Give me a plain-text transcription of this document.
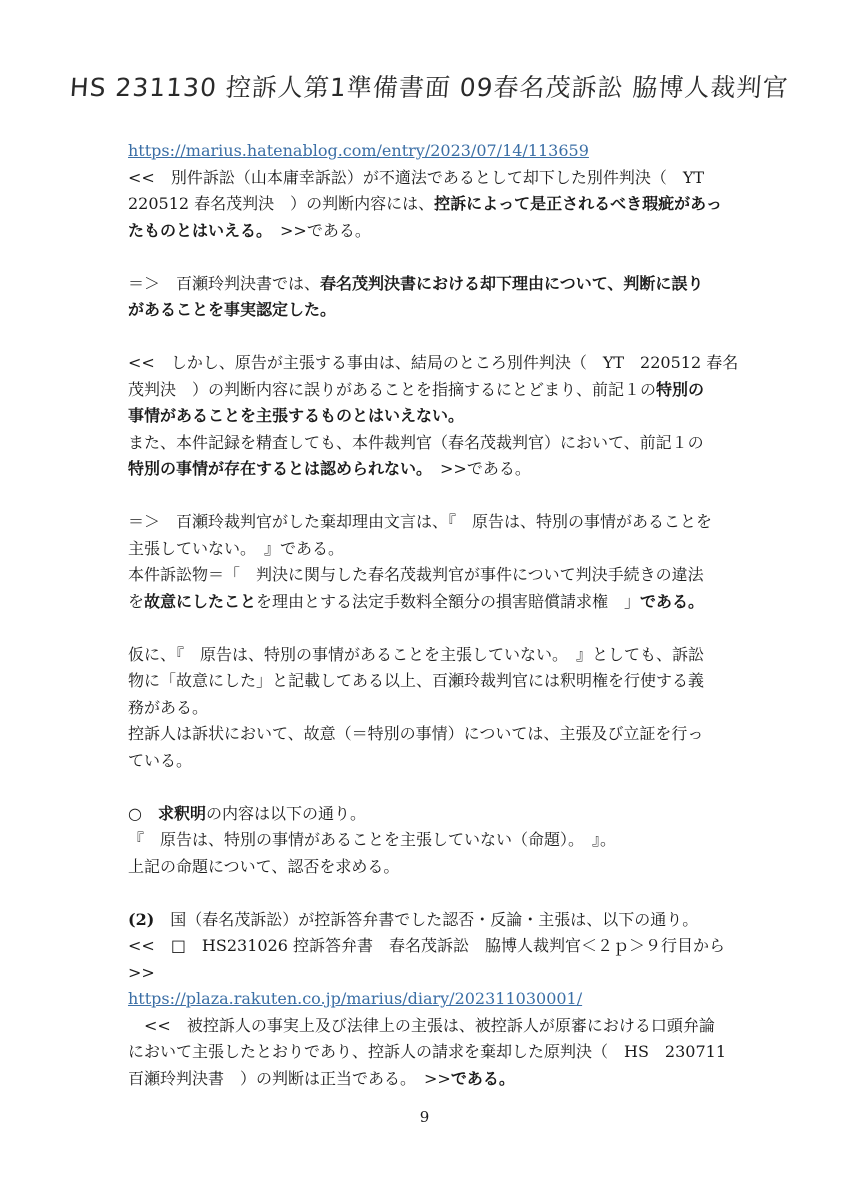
HS 231130 控訴人第1準備書面 09春名茂訴訟 脇博人裁判官
https://marius.hatenablog.com/entry/2023/07/14/113659
<<　別件訴訟（山本庸幸訴訟）が不適法であるとして却下した別件判決（　YT
220512 春名茂判決　）の判断内容には、控訴によって是正されるべき瑕疵があっ
たものとはいえる。　>>である。
＝＞　百瀬玲判決書では、春名茂判決書における却下理由について、判断に誤り
があることを事実認定した。
<<　しかし、原告が主張する事由は、結局のところ別件判決（　YT　220512 春名
茂判決　）の判断内容に誤りがあることを指摘するにとどまり、前記１の特別の
事情があることを主張するものとはいえない。
また、本件記録を精査しても、本件裁判官（春名茂裁判官）において、前記１の
特別の事情が存在するとは認められない。　>>である。
＝＞　百瀬玲裁判官がした棄却理由文言は、『　原告は、特別の事情があることを
主張していない。　』である。
本件訴訟物＝「　判決に関与した春名茂裁判官が事件について判決手続きの違法
を故意にしたことを理由とする法定手数料全額分の損害賠償請求権　」である。
仮に、『　原告は、特別の事情があることを主張していない。　』としても、訴訟
物に「故意にした」と記載してある以上、百瀬玲裁判官には釈明権を行使する義
務がある。
控訴人は訴状において、故意（＝特別の事情）については、主張及び立証を行っ
ている。
○　求釈明の内容は以下の通り。
『　原告は、特別の事情があることを主張していない（命題）。　』。
上記の命題について、認否を求める。
(2)　国（春名茂訴訟）が控訴答弁書でした認否・反論・主張は、以下の通り。
<<　□　HS231026 控訴答弁書　春名茂訴訟　脇博人裁判官＜２ｐ＞９行目から
>>
https://plaza.rakuten.co.jp/marius/diary/202311030001/
　<<　被控訴人の事実上及び法律上の主張は、被控訴人が原審における口頭弁論
において主張したとおりであり、控訴人の請求を棄却した原判決（　HS　230711
百瀬玲判決書　）の判断は正当である。　>>である。
9
